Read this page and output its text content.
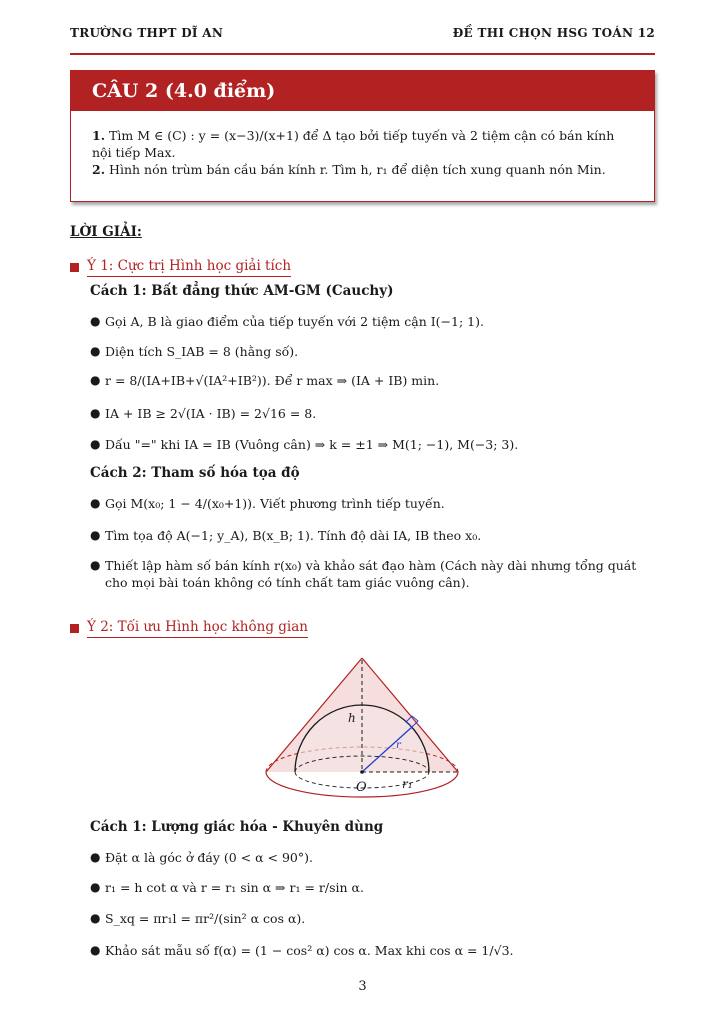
TRƯỜNG THPT DĨ AN	ĐỀ THI CHỌN HSG TOÁN 12
CÂU 2 (4.0 điểm)
1. Tìm M ∈ (C) : y = (x−3)/(x+1) để Δ tạo bởi tiếp tuyến và 2 tiệm cận có bán kính nội tiếp Max.
2. Hình nón trùm bán cầu bán kính r. Tìm h, r₁ để diện tích xung quanh nón Min.
LỜI GIẢI:
Ý 1: Cực trị Hình học giải tích
Cách 1: Bất đẳng thức AM-GM (Cauchy)
● Gọi A, B là giao điểm của tiếp tuyến với 2 tiệm cận I(−1; 1).
● Diện tích S_IAB = 8 (hằng số).
● r = 8/(IA+IB+√(IA²+IB²)). Để r max ⇒ (IA + IB) min.
● IA + IB ≥ 2√(IA · IB) = 2√16 = 8.
● Dấu "=" khi IA = IB (Vuông cân) ⇒ k = ±1 ⇒ M(1; −1), M(−3; 3).
Cách 2: Tham số hóa tọa độ
● Gọi M(x₀; 1 − 4/(x₀+1)). Viết phương trình tiếp tuyến.
● Tìm tọa độ A(−1; y_A), B(x_B; 1). Tính độ dài IA, IB theo x₀.
● Thiết lập hàm số bán kính r(x₀) và khảo sát đạo hàm (Cách này dài nhưng tổng quát cho mọi bài toán không có tính chất tam giác vuông cân).
Ý 2: Tối ưu Hình học không gian
h
r
O	r₁
Cách 1: Lượng giác hóa - Khuyên dùng
● Đặt α là góc ở đáy (0 < α < 90°).
● r₁ = h cot α và r = r₁ sin α ⇒ r₁ = r/sin α.
● S_xq = πr₁l = πr²/(sin² α cos α).
● Khảo sát mẫu số f(α) = (1 − cos² α) cos α. Max khi cos α = 1/√3.
3
